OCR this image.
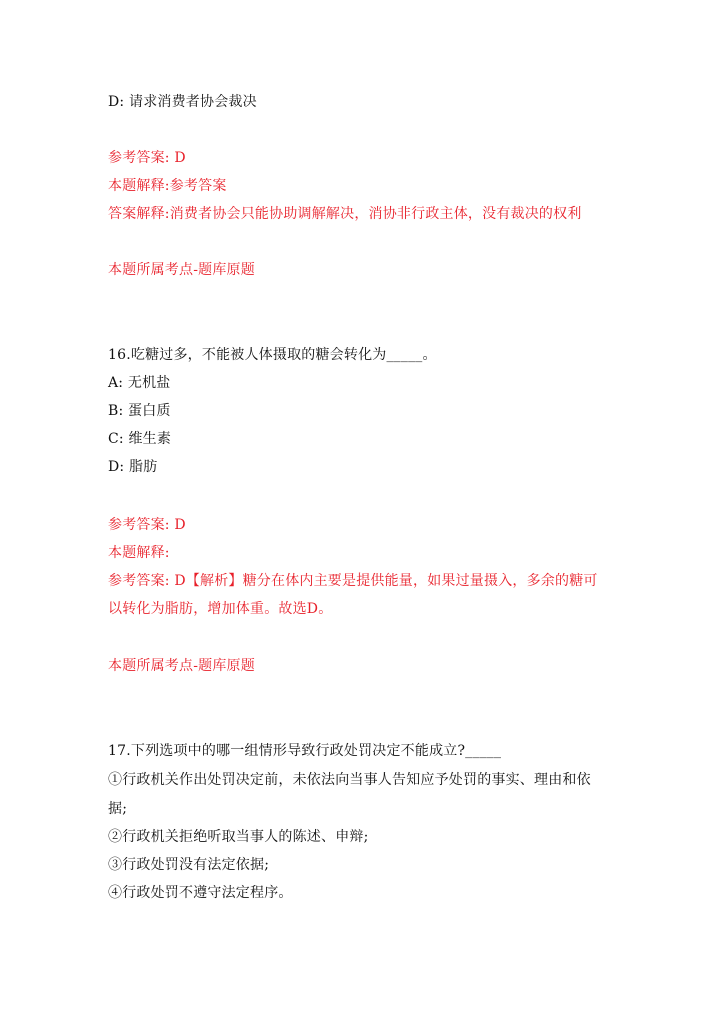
D: 请求消费者协会裁决
参考答案: D
本题解释:参考答案
答案解释:消费者协会只能协助调解解决，消协非行政主体，没有裁决的权利
本题所属考点-题库原题
16.吃糖过多，不能被人体摄取的糖会转化为_____。
A: 无机盐
B: 蛋白质
C: 维生素
D: 脂肪
参考答案: D
本题解释:
参考答案: D【解析】糖分在体内主要是提供能量，如果过量摄入，多余的糖可
以转化为脂肪，增加体重。故选D。
本题所属考点-题库原题
17.下列选项中的哪一组情形导致行政处罚决定不能成立?_____
①行政机关作出处罚决定前，未依法向当事人告知应予处罚的事实、理由和依
据;
②行政机关拒绝听取当事人的陈述、申辩;
③行政处罚没有法定依据;
④行政处罚不遵守法定程序。
